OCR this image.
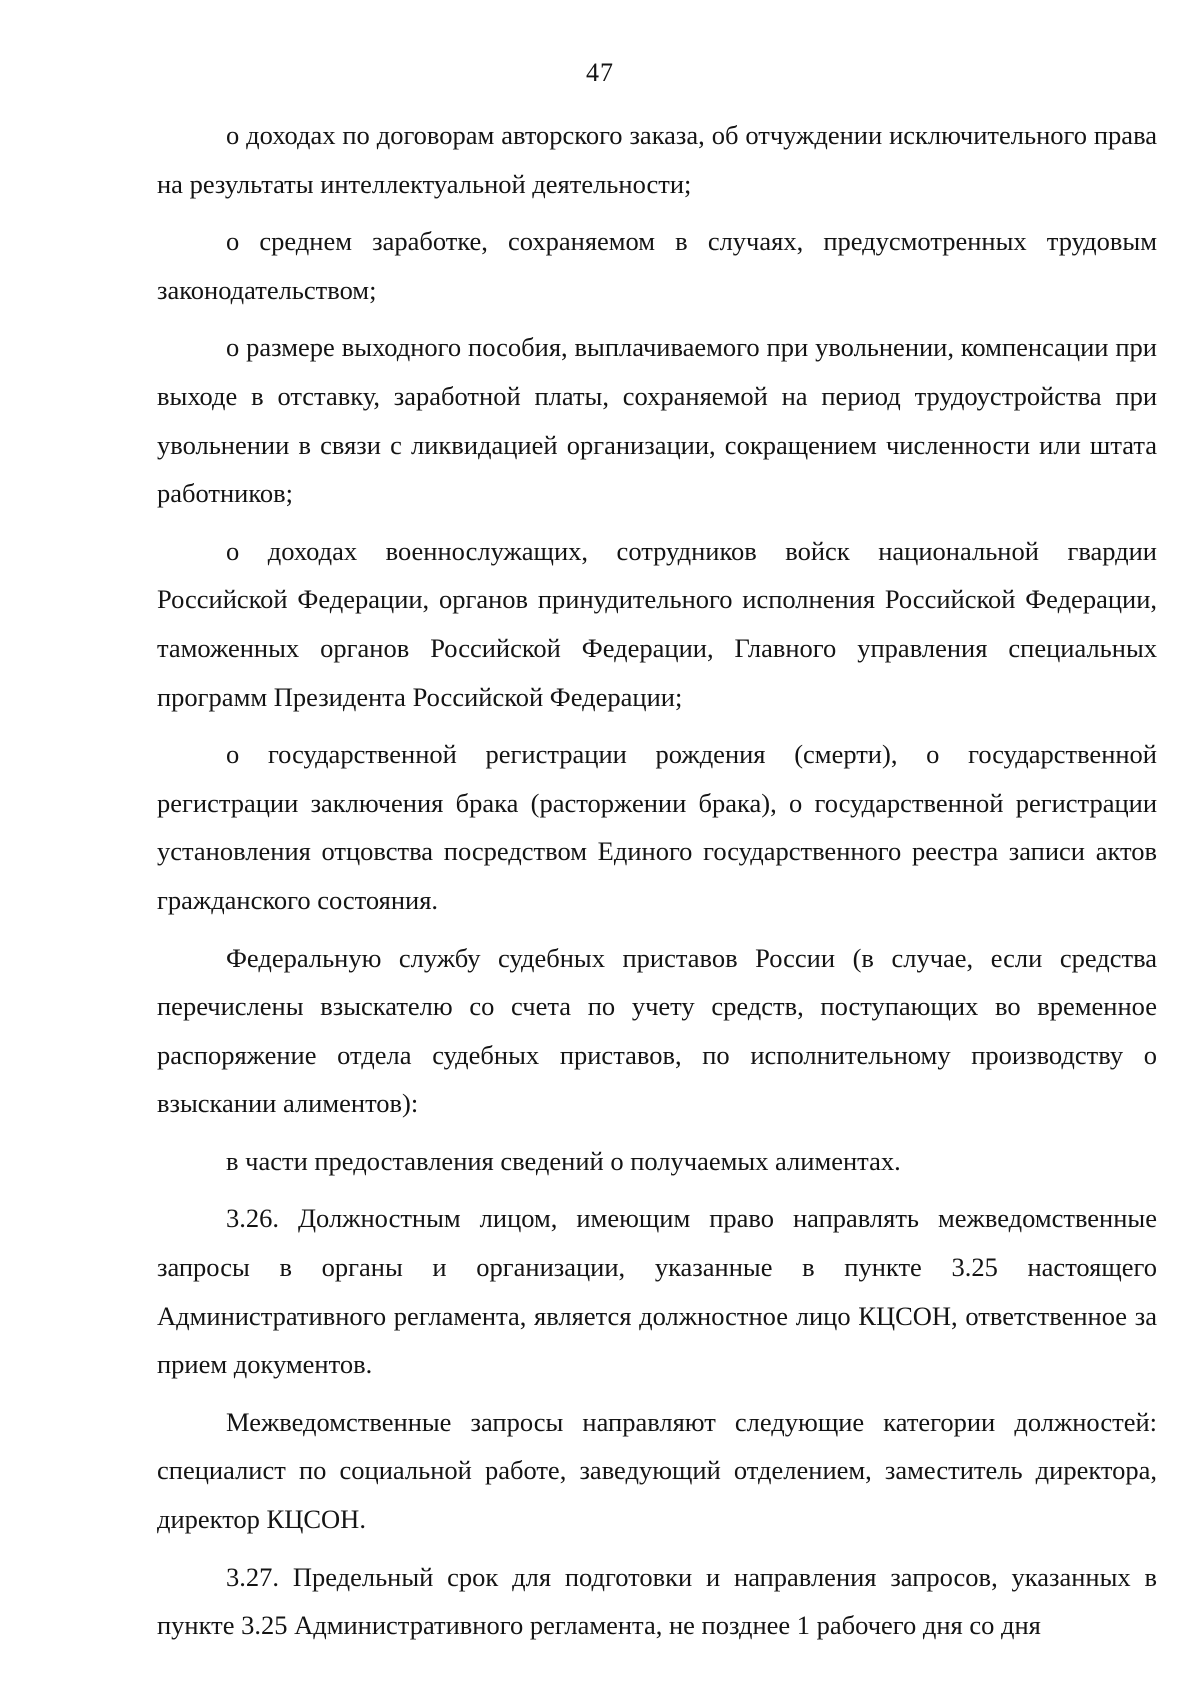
47

о доходах по договорам авторского заказа, об отчуждении исключительного права на результаты интеллектуальной деятельности;

о среднем заработке, сохраняемом в случаях, предусмотренных трудовым законодательством;

о размере выходного пособия, выплачиваемого при увольнении, компенсации при выходе в отставку, заработной платы, сохраняемой на период трудоустройства при увольнении в связи с ликвидацией организации, сокращением численности или штата работников;

о доходах военнослужащих, сотрудников войск национальной гвардии Российской Федерации, органов принудительного исполнения Российской Федерации, таможенных органов Российской Федерации, Главного управления специальных программ Президента Российской Федерации;

о государственной регистрации рождения (смерти), о государственной регистрации заключения брака (расторжении брака), о государственной регистрации установления отцовства посредством Единого государственного реестра записи актов гражданского состояния.

Федеральную службу судебных приставов России (в случае, если средства перечислены взыскателю со счета по учету средств, поступающих во временное распоряжение отдела судебных приставов, по исполнительному производству о взыскании алиментов):

в части предоставления сведений о получаемых алиментах.

3.26. Должностным лицом, имеющим право направлять межведомственные запросы в органы и организации, указанные в пункте 3.25 настоящего Административного регламента, является должностное лицо КЦСОН, ответственное за прием документов.

Межведомственные запросы направляют следующие категории должностей: специалист по социальной работе, заведующий отделением, заместитель директора, директор КЦСОН.

3.27. Предельный срок для подготовки и направления запросов, указанных в пункте 3.25 Административного регламента, не позднее 1 рабочего дня со дня
